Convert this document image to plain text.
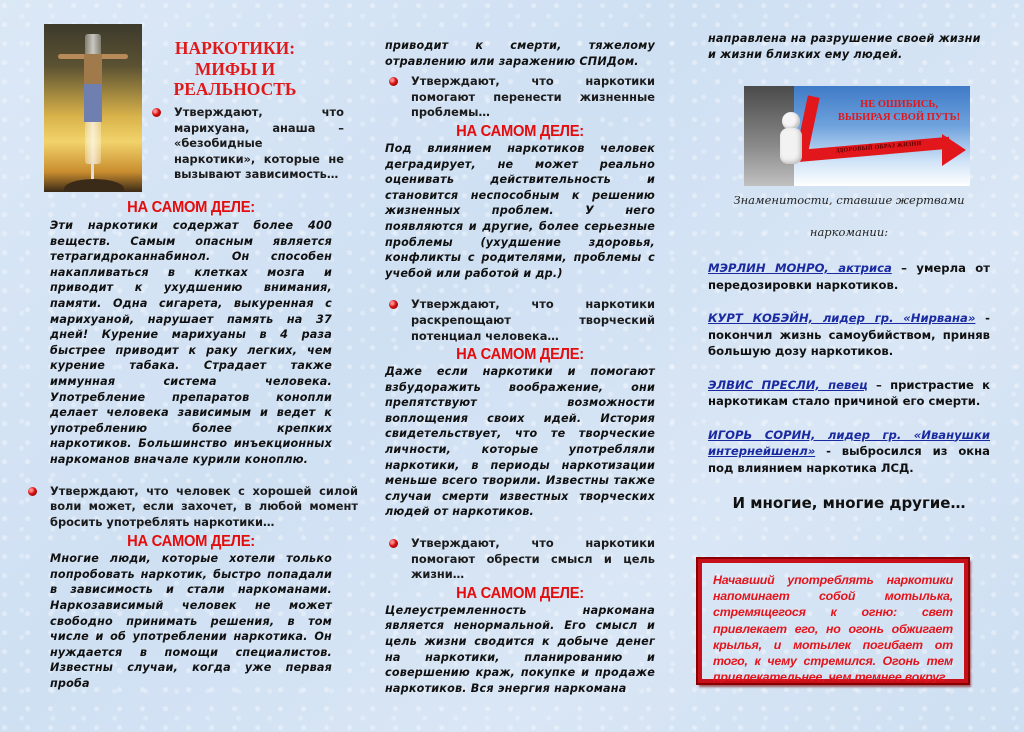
НАРКОТИКИ: МИФЫ И РЕАЛЬНОСТЬ
Утверждают, что марихуана, анаша – «безобидные наркотики», которые не вызывают зависимость…
НА САМОМ ДЕЛЕ:
Эти наркотики содержат более 400 веществ. Самым опасным является тетрагидроканнабинол. Он способен накапливаться в клетках мозга и приводит к ухудшению внимания, памяти. Одна сигарета, выкуренная с марихуаной, нарушает память на 37 дней! Курение марихуаны в 4 раза быстрее приводит к раку легких, чем курение табака. Страдает также иммунная система человека. Употребление препаратов конопли делает человека зависимым и ведет к употреблению более крепких наркотиков. Большинство инъекционных наркоманов вначале курили коноплю.
Утверждают, что человек с хорошей силой воли может, если захочет, в любой момент бросить употреблять наркотики…
НА САМОМ ДЕЛЕ:
Многие люди, которые хотели только попробовать наркотик, быстро попадали в зависимость и стали наркоманами. Наркозависимый человек не может свободно принимать решения, в том числе и об употреблении наркотика. Он нуждается в помощи специалистов. Известны случаи, когда уже первая проба
приводит к смерти, тяжелому отравлению или заражению СПИДом.
Утверждают, что наркотики помогают перенести жизненные проблемы…
НА САМОМ ДЕЛЕ:
Под влиянием наркотиков человек деградирует, не может реально оценивать действительность и становится неспособным к решению жизненных проблем. У него появляются и другие, более серьезные проблемы (ухудшение здоровья, конфликты с родителями, проблемы с учебой или работой и др.)
Утверждают, что наркотики раскрепощают творческий потенциал человека…
НА САМОМ ДЕЛЕ:
Даже если наркотики и помогают взбудоражить воображение, они препятствуют возможности воплощения своих идей. История свидетельствует, что те творческие личности, которые употребляли наркотики, в периоды наркотизации меньше всего творили. Известны также случаи смерти известных творческих людей от наркотиков.
Утверждают, что наркотики помогают обрести смысл и цель жизни…
НА САМОМ ДЕЛЕ:
Целеустремленность наркомана является ненормальной. Его смысл и цель жизни сводится к добыче денег на наркотики, планированию и совершению краж, покупке и продаже наркотиков. Вся энергия наркомана
направлена на разрушение своей жизни и жизни близких ему людей.
НЕ ОШИБИСЬ, ВЫБИРАЯ СВОЙ ПУТЬ!
ЗДОРОВЫЙ ОБРАЗ ЖИЗНИ
Знаменитости, ставшие жертвами
наркомании:
МЭРЛИН МОНРО, актриса – умерла от передозировки наркотиков.
КУРТ КОБЭЙН, лидер гр. «Нирвана» - покончил жизнь самоубийством, приняв большую дозу наркотиков.
ЭЛВИС ПРЕСЛИ, певец – пристрастие к наркотикам стало причиной его смерти.
ИГОРЬ СОРИН, лидер гр. «Иванушки интернейшенл» - выбросился из окна под влиянием наркотика ЛСД.
И многие, многие другие…

Начавший употреблять наркотики напоминает собой мотылька, стремящегося к огню: свет привлекает его, но огонь обжигает крылья, и мотылек погибает от того, к чему стремился. Огонь тем привлекательнее, чем темнее вокруг
